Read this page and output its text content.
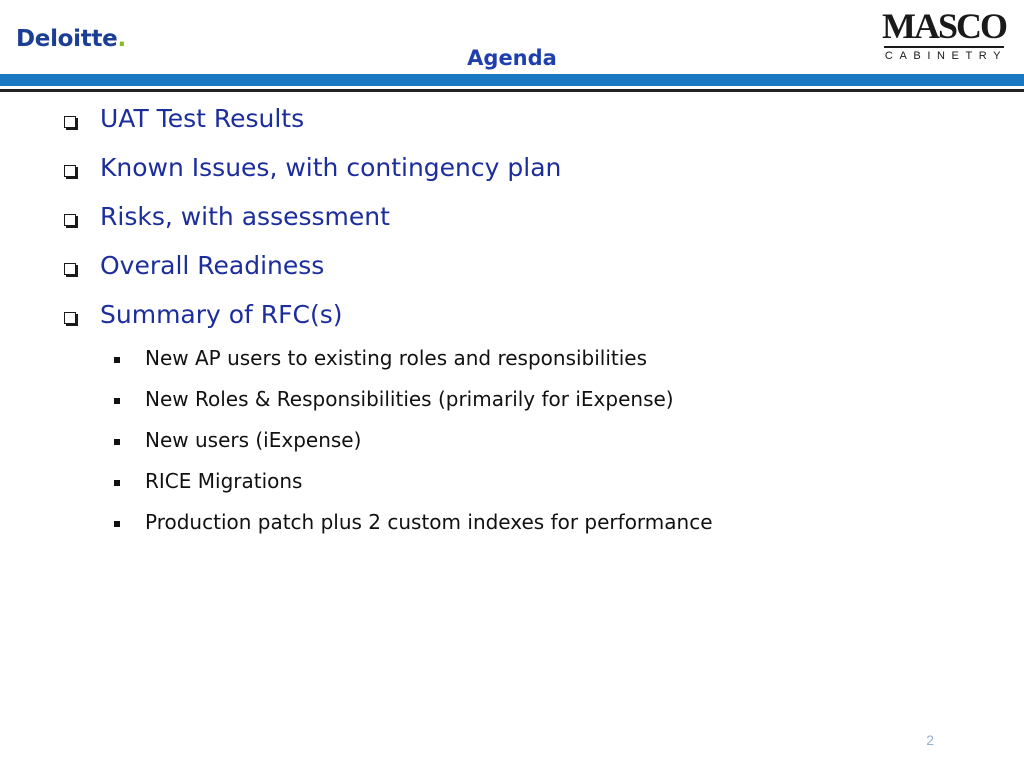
Deloitte.
Agenda
MASCO
CABINETRY
UAT Test Results
Known Issues, with contingency plan
Risks, with assessment
Overall Readiness
Summary of RFC(s)
New AP users to existing roles and responsibilities
New Roles & Responsibilities (primarily for iExpense)
New users (iExpense)
RICE Migrations
Production patch plus 2 custom indexes for performance
2
